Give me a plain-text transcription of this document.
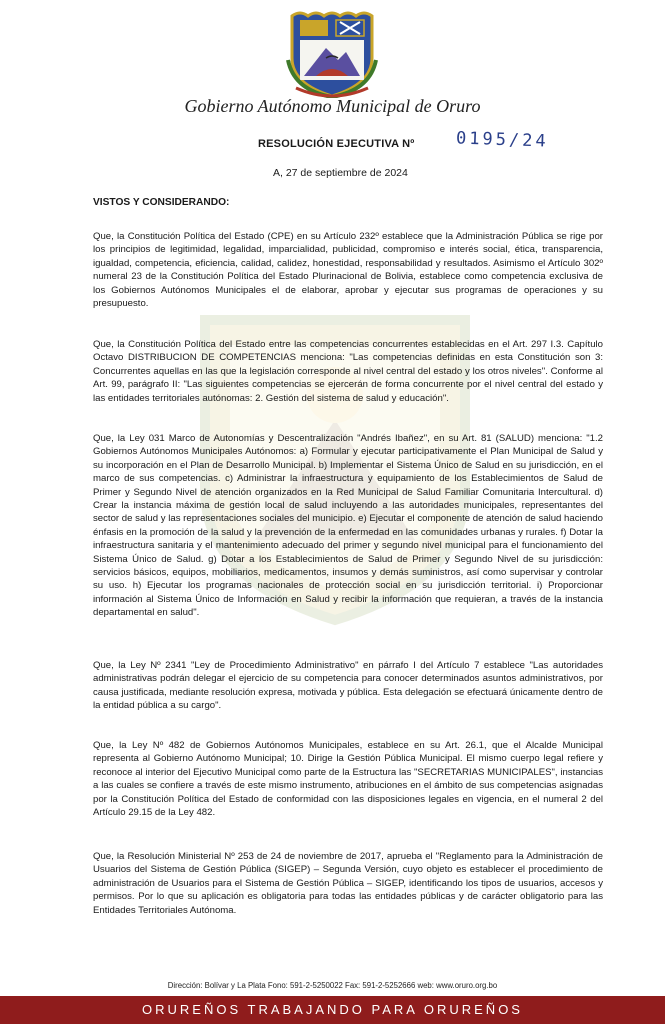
Gobierno Autónomo Municipal de Oruro
RESOLUCIÓN EJECUTIVA Nº 0195/24
A, 27 de septiembre de 2024
VISTOS Y CONSIDERANDO:

Que, la Constitución Política del Estado (CPE) en su Artículo 232º establece que la Administración Pública se rige por los principios de legitimidad, legalidad, imparcialidad, publicidad, compromiso e interés social, ética, transparencia, igualdad, competencia, eficiencia, calidad, calidez, honestidad, responsabilidad y resultados. Asimismo el Artículo 302º numeral 23 de la Constitución Política del Estado Plurinacional de Bolivia, establece como competencia exclusiva de los Gobiernos Autónomos Municipales el de elaborar, aprobar y ejecutar sus programas de operaciones y su presupuesto.

Que, la Constitución Política del Estado entre las competencias concurrentes establecidas en el Art. 297 I.3. Capítulo Octavo DISTRIBUCION DE COMPETENCIAS menciona: "Las competencias definidas en esta Constitución son 3: Concurrentes aquellas en las que la legislación corresponde al nivel central del estado y los otros niveles". Conforme al Art. 99, parágrafo II: "Las siguientes competencias se ejercerán de forma concurrente por el nivel central del estado y las entidades territoriales autónomas: 2. Gestión del sistema de salud y educación".

Que, la Ley 031 Marco de Autonomías y Descentralización "Andrés Ibañez", en su Art. 81 (SALUD) menciona: "1.2 Gobiernos Autónomos Municipales Autónomos: a) Formular y ejecutar participativamente el Plan Municipal de Salud y su incorporación en el Plan de Desarrollo Municipal. b) Implementar el Sistema Único de Salud en su jurisdicción, en el marco de sus competencias. c) Administrar la infraestructura y equipamiento de los Establecimientos de Salud de Primer y Segundo Nivel de atención organizados en la Red Municipal de Salud Familiar Comunitaria Intercultural. d) Crear la instancia máxima de gestión local de salud incluyendo a las autoridades municipales, representantes del sector de salud y las representaciones sociales del municipio. e) Ejecutar el componente de atención de salud haciendo énfasis en la promoción de la salud y la prevención de la enfermedad en las comunidades urbanas y rurales. f) Dotar la infraestructura sanitaria y el mantenimiento adecuado del primer y segundo nivel municipal para el funcionamiento del Sistema Único de Salud. g) Dotar a los Establecimientos de Salud de Primer y Segundo Nivel de su jurisdicción: servicios básicos, equipos, mobiliarios, medicamentos, insumos y demás suministros, así como supervisar y controlar su uso. h) Ejecutar los programas nacionales de protección social en su jurisdicción territorial. i) Proporcionar información al Sistema Único de Información en Salud y recibir la información que requieran, a través de la instancia departamental en salud".

Que, la Ley Nº 2341 "Ley de Procedimiento Administrativo" en párrafo I del Artículo 7 establece "Las autoridades administrativas podrán delegar el ejercicio de su competencia para conocer determinados asuntos administrativos, por causa justificada, mediante resolución expresa, motivada y pública. Esta delegación se efectuará únicamente dentro de la entidad pública a su cargo".

Que, la Ley Nº 482 de Gobiernos Autónomos Municipales, establece en su Art. 26.1, que el Alcalde Municipal representa al Gobierno Autónomo Municipal; 10. Dirige la Gestión Pública Municipal. El mismo cuerpo legal refiere y reconoce al interior del Ejecutivo Municipal como parte de la Estructura las "SECRETARIAS MUNICIPALES", instancias a las cuales se confiere a través de este mismo instrumento, atribuciones en el ámbito de sus competencias asignadas por la Constitución Política del Estado de conformidad con las disposiciones legales en vigencia, en el numeral 2 del Artículo 29.15 de la Ley 482.

Que, la Resolución Ministerial Nº 253 de 24 de noviembre de 2017, aprueba el "Reglamento para la Administración de Usuarios del Sistema de Gestión Pública (SIGEP) – Segunda Versión, cuyo objeto es establecer el procedimiento de administración de Usuarios para el Sistema de Gestión Pública – SIGEP, identificando los tipos de usuarios, accesos y permisos. Por lo que su aplicación es obligatoria para todas las entidades públicas y de carácter obligatorio para las Entidades Territoriales Autónoma.

Dirección: Bolívar y La Plata Fono: 591-2-5250022 Fax: 591-2-5252666 web: www.oruro.org.bo
ORUREÑOS TRABAJANDO PARA ORUREÑOS
